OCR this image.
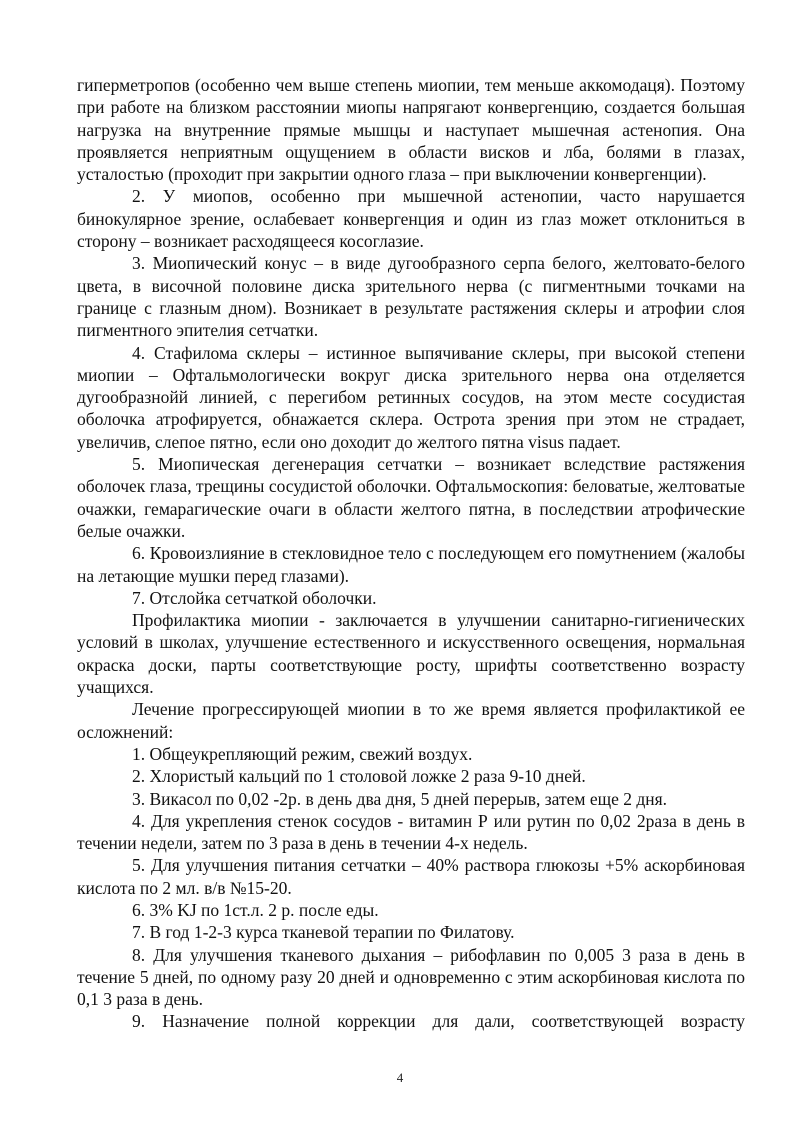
гиперметропов (особенно чем выше степень миопии, тем меньше аккомодаця). Поэтому при работе на близком расстоянии миопы напрягают конвергенцию, создается большая нагрузка на внутренние прямые мышцы и наступает мышечная астенопия. Она проявляется неприятным ощущением в области висков и лба, болями в глазах, усталостью (проходит при закрытии одного глаза – при выключении конвергенции).

2. У миопов, особенно при мышечной астенопии, часто нарушается бинокулярное зрение, ослабевает конвергенция и один из глаз может отклониться в сторону – возникает расходящееся косоглазие.

3. Миопический конус – в виде дугообразного серпа белого, желтовато-белого цвета, в височной половине диска зрительного нерва (с пигментными точками на границе с глазным дном). Возникает в результате растяжения склеры и атрофии слоя пигментного эпителия сетчатки.

4. Стафилома склеры – истинное выпячивание склеры, при высокой степени миопии – Офтальмологически вокруг диска зрительного нерва она отделяется дугообразнойй линией, с перегибом ретинных сосудов, на этом месте сосудистая оболочка атрофируется, обнажается склера. Острота зрения при этом не страдает, увеличив, слепое пятно, если оно доходит до желтого пятна visus падает.

5. Миопическая дегенерация сетчатки – возникает вследствие растяжения оболочек глаза, трещины сосудистой оболочки. Офтальмоскопия: беловатые, желтоватые очажки, гемарагические очаги в области желтого пятна, в последствии атрофические белые очажки.

6. Кровоизлияние в стекловидное тело с последующем его помутнением (жалобы на летающие мушки перед глазами).

7. Отслойка сетчаткой оболочки.

Профилактика миопии - заключается в улучшении санитарно-гигиенических условий в школах, улучшение естественного и искусственного освещения, нормальная окраска доски, парты соответствующие росту, шрифты соответственно возрасту учащихся.

Лечение прогрессирующей миопии в то же время является профилактикой ее осложнений:

1. Общеукрепляющий режим, свежий воздух.

2. Хлористый кальций по 1 столовой ложке 2 раза 9-10 дней.

3. Викасол по 0,02 -2р. в день два дня, 5 дней перерыв, затем еще 2 дня.

4. Для укрепления стенок сосудов - витамин Р или рутин по 0,02 2раза в день в течении недели, затем по 3 раза в день в течении 4-х недель.

5. Для улучшения питания сетчатки – 40% раствора глюкозы +5% аскорбиновая кислота по 2 мл. в/в №15-20.

6. 3% KJ по 1ст.л. 2 р. после еды.

7. В год 1-2-3 курса тканевой терапии по Филатову.

8. Для улучшения тканевого дыхания – рибофлавин по 0,005 3 раза в день в течение 5 дней, по одному разу 20 дней и одновременно с этим аскорбиновая кислота по 0,1 3 раза в день.

9. Назначение полной коррекции для дали, соответствующей возрасту

4
